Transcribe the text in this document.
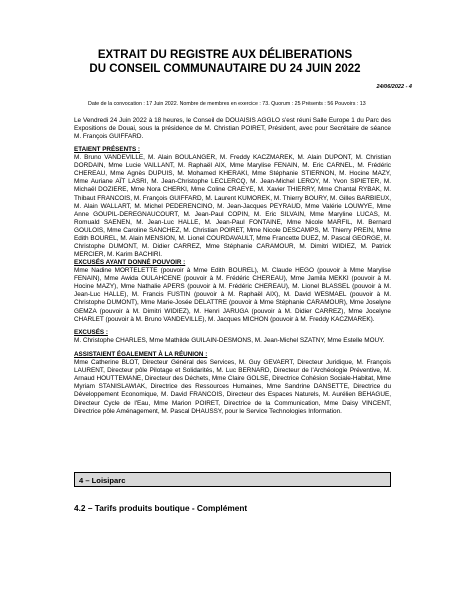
EXTRAIT DU REGISTRE AUX DÉLIBERATIONS
DU CONSEIL COMMUNAUTAIRE DU 24 JUIN 2022
24/06/2022 - 4
Date de la convocation : 17 Juin 2022. Nombre de membres en exercice : 73. Quorum : 25 Présents : 56 Pouvoirs : 13
Le Vendredi 24 Juin 2022 à 18 heures, le Conseil de DOUAISIS AGGLO s'est réuni Salle Europe 1 du Parc des Expositions de Douai, sous la présidence de M. Christian POIRET, Président, avec pour Secrétaire de séance M. François GUIFFARD.
ETAIENT PRÉSENTS :
M. Bruno VANDEVILLE, M. Alain BOULANGER, M. Freddy KACZMAREK, M. Alain DUPONT, M. Christian DORDAIN, Mme Lucie VAILLANT, M. Raphaël AIX, Mme Marylise FENAIN, M. Eric CARNEL, M. Frédéric CHEREAU, Mme Agnès DUPUIS, M. Mohamed KHERAKI, Mme Stéphanie STIERNON, M. Hocine MAZY, Mme Auriane AÏT LASRI, M. Jean-Christophe LECLERCQ, M. Jean-Michel LEROY, M. Yvon SIPIETER, M. Michaël DOZIERE, Mme Nora CHERKI, Mme Coline CRAEYE, M. Xavier THIERRY, Mme Chantal RYBAK, M. Thibaut FRANCOIS, M. François GUIFFARD, M. Laurent KUMOREK, M. Thierry BOURY, M. Gilles BARBIEUX, M. Alain WALLART, M. Michel PEDERENCINO, M. Jean-Jacques PEYRAUD, Mme Valérie LOUWYE, Mme Anne GOUPIL-DEREGNAUCOURT, M. Jean-Paul COPIN, M. Eric SILVAIN, Mme Maryline LUCAS, M. Romuald SAENEN, M. Jean-Luc HALLE, M. Jean-Paul FONTAINE, Mme Nicole MARFIL, M. Bernard GOULOIS, Mme Caroline SANCHEZ, M. Christian POIRET, Mme Nicole DESCAMPS, M. Thierry PREIN, Mme Edith BOUREL, M. Alain MENSION, M. Lionel COURDAVAULT, Mme Francette DUEZ, M. Pascal GEORGE, M. Christophe DUMONT, M. Didier CARREZ, Mme Stéphanie CARAMOUR, M. Dimitri WIDIEZ, M. Patrick MERCIER, M. Karim BACHIRI.
EXCUSÉS AYANT DONNÉ POUVOIR :
Mme Nadine MORTELETTE (pouvoir à Mme Edith BOUREL), M. Claude HEGO (pouvoir à Mme Marylise FENAIN), Mme Awida OULAHCENE (pouvoir à M. Frédéric CHEREAU), Mme Jamila MEKKI (pouvoir à M. Hocine MAZY), Mme Nathalie APERS (pouvoir à M. Frédéric CHEREAU), M. Lionel BLASSEL (pouvoir à M. Jean-Luc HALLE), M. Francis FUSTIN (pouvoir à M. Raphaël AIX), M. David WESMAEL (pouvoir à M. Christophe DUMONT), Mme Marie-Josée DELATTRE (pouvoir à Mme Stéphanie CARAMOUR), Mme Joselyne GEMZA (pouvoir à M. Dimitri WIDIEZ), M. Henri JARUGA (pouvoir à M. Didier CARREZ), Mme Jocelyne CHARLET (pouvoir à M. Bruno VANDEVILLE), M. Jacques MICHON (pouvoir à M. Freddy KACZMAREK).
EXCUSÉS :
M. Christophe CHARLES, Mme Mathilde GUILAIN-DESMONS, M. Jean-Michel SZATNY, Mme Estelle MOUY.
ASSISTAIENT ÉGALEMENT À LA RÉUNION :
Mme Catherine BLOT, Directeur Général des Services, M. Guy GEVAERT, Directeur Juridique, M. François LAURENT, Directeur pôle Pilotage et Solidarités, M. Luc BERNARD, Directeur de l'Archéologie Préventive, M. Arnaud HOUTTEMANE, Directeur des Déchets, Mme Claire GOLSE, Directrice Cohésion Sociale-Habitat, Mme Myriam STANISLAWIAK, Directrice des Ressources Humaines, Mme Sandrine DANSETTE, Directrice du Développement Economique, M. David FRANCOIS, Directeur des Espaces Naturels, M. Aurélien BEHAGUE, Directeur Cycle de l'Eau, Mme Marion POIRET, Directrice de la Communication, Mme Daisy VINCENT, Directrice pôle Aménagement, M. Pascal DHAUSSY, pour le Service Technologies Information.
4 – Loisiparc
4.2 – Tarifs produits boutique - Complément
